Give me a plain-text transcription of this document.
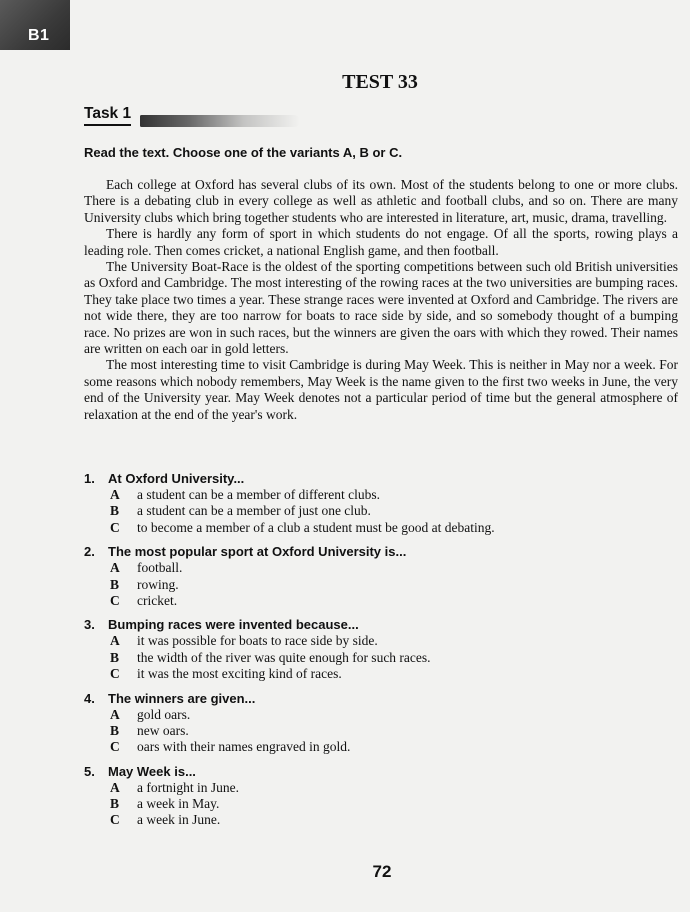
B1
TEST 33
Task 1
Read the text. Choose one of the variants A, B or C.

Each college at Oxford has several clubs of its own. Most of the students belong to one or more clubs. There is a debating club in every college as well as athletic and football clubs, and so on. There are many University clubs which bring together students who are interested in literature, art, music, drama, travelling.

There is hardly any form of sport in which students do not engage. Of all the sports, rowing plays a leading role. Then comes cricket, a national English game, and then football.

The University Boat-Race is the oldest of the sporting competitions between such old British universities as Oxford and Cambridge. The most interesting of the rowing races at the two universities are bumping races. They take place two times a year. These strange races were invented at Oxford and Cambridge. The rivers are not wide there, they are too narrow for boats to race side by side, and so somebody thought of a bumping race. No prizes are won in such races, but the winners are given the oars with which they rowed. Their names are written on each oar in gold letters.

The most interesting time to visit Cambridge is during May Week. This is neither in May nor a week. For some reasons which nobody remembers, May Week is the name given to the first two weeks in June, the very end of the University year. May Week denotes not a particular period of time but the general atmosphere of relaxation at the end of the year's work.

1. At Oxford University...
A a student can be a member of different clubs.
B a student can be a member of just one club.
C to become a member of a club a student must be good at debating.
2. The most popular sport at Oxford University is...
A football.
B rowing.
C cricket.
3. Bumping races were invented because...
A it was possible for boats to race side by side.
B the width of the river was quite enough for such races.
C it was the most exciting kind of races.
4. The winners are given...
A gold oars.
B new oars.
C oars with their names engraved in gold.
5. May Week is...
A a fortnight in June.
B a week in May.
C a week in June.
72
